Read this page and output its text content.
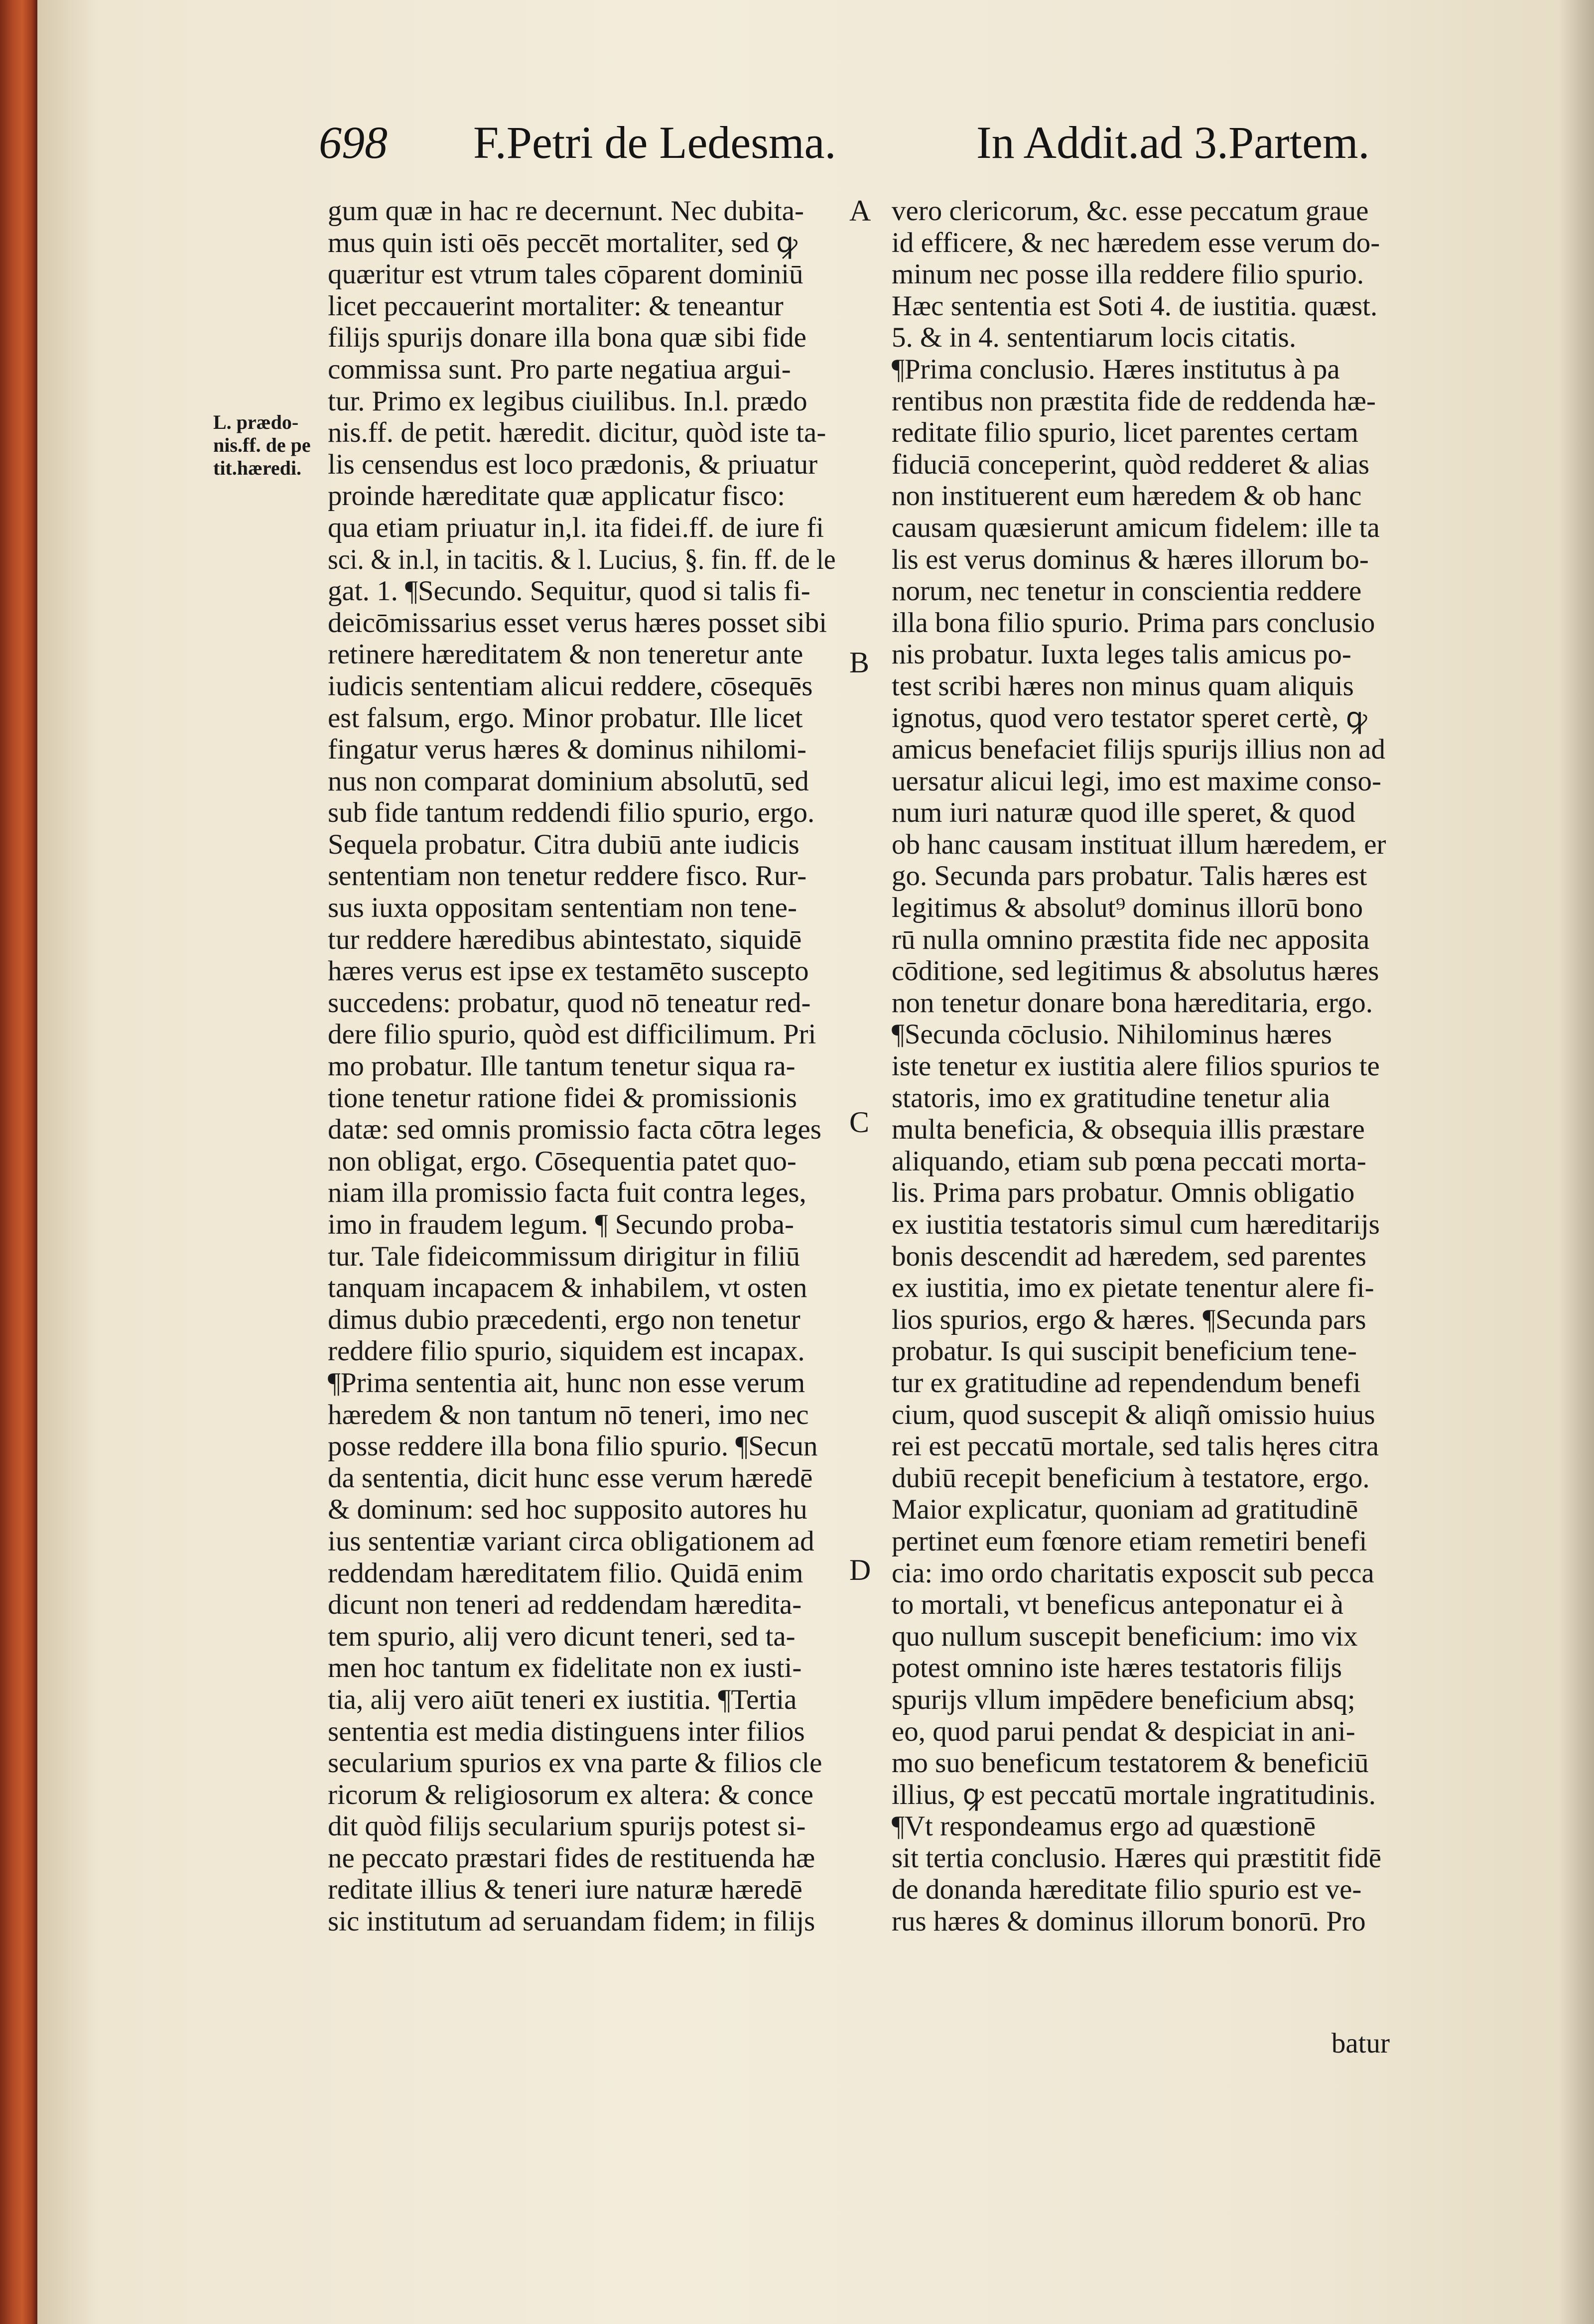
698 F.Petri de Ledesma.	In Addit.ad 3.Partem.
L. prædo-
nis.ff. de pe
tit.hæredi.
A
B
C
D
gum quæ in hac re decernunt. Nec dubita-
mus quin isti oēs peccēt mortaliter, sed ꝙ
quæritur est vtrum tales cōparent dominiū
licet peccauerint mortaliter: & teneantur
filijs spurijs donare illa bona quæ sibi fide
commissa sunt. Pro parte negatiua argui-
tur. Primo ex legibus ciuilibus. In.l. prædo
nis.ff. de petit. hæredit. dicitur, quòd iste ta-
lis censendus est loco prædonis, & priuatur
proinde hæreditate quæ applicatur fisco:
qua etiam priuatur in,l. ita fidei.ff. de iure fi
sci. & in.l, in tacitis. & l. Lucius, §. fin. ff. de le
gat. 1. ¶Secundo. Sequitur, quod si talis fi-
deicōmissarius esset verus hæres posset sibi
retinere hæreditatem & non teneretur ante
iudicis sententiam alicui reddere, cōsequēs
est falsum, ergo. Minor probatur. Ille licet
fingatur verus hæres & dominus nihilomi-
nus non comparat dominium absolutū, sed
sub fide tantum reddendi filio spurio, ergo.
Sequela probatur. Citra dubiū ante iudicis
sententiam non tenetur reddere fisco. Rur-
sus iuxta oppositam sententiam non tene-
tur reddere hæredibus abintestato, siquidē
hæres verus est ipse ex testamēto suscepto
succedens: probatur, quod nō teneatur red-
dere filio spurio, quòd est difficilimum. Pri
mo probatur. Ille tantum tenetur siqua ra-
tione tenetur ratione fidei & promissionis
datæ: sed omnis promissio facta cōtra leges
non obligat, ergo. Cōsequentia patet quo-
niam illa promissio facta fuit contra leges,
imo in fraudem legum. ¶ Secundo proba-
tur. Tale fideicommissum dirigitur in filiū
tanquam incapacem & inhabilem, vt osten
dimus dubio præcedenti, ergo non tenetur
reddere filio spurio, siquidem est incapax.
¶Prima sententia ait, hunc non esse verum
hæredem & non tantum nō teneri, imo nec
posse reddere illa bona filio spurio. ¶Secun
da sententia, dicit hunc esse verum hæredē
& dominum: sed hoc supposito autores hu
ius sententiæ variant circa obligationem ad
reddendam hæreditatem filio. Quidā enim
dicunt non teneri ad reddendam hæredita-
tem spurio, alij vero dicunt teneri, sed ta-
men hoc tantum ex fidelitate non ex iusti-
tia, alij vero aiūt teneri ex iustitia. ¶Tertia
sententia est media distinguens inter filios
secularium spurios ex vna parte & filios cle
ricorum & religiosorum ex altera: & conce
dit quòd filijs secularium spurijs potest si-
ne peccato præstari fides de restituenda hæ
reditate illius & teneri iure naturæ hæredē
sic institutum ad seruandam fidem; in filijs
vero clericorum, &c. esse peccatum graue
id efficere, & nec hæredem esse verum do-
minum nec posse illa reddere filio spurio.
Hæc sententia est Soti 4. de iustitia. quæst.
5. & in 4. sententiarum locis citatis.
¶Prima conclusio. Hæres institutus à pa
rentibus non præstita fide de reddenda hæ-
reditate filio spurio, licet parentes certam
fiduciā conceperint, quòd redderet & alias
non instituerent eum hæredem & ob hanc
causam quæsierunt amicum fidelem: ille ta
lis est verus dominus & hæres illorum bo-
norum, nec tenetur in conscientia reddere
illa bona filio spurio. Prima pars conclusio
nis probatur. Iuxta leges talis amicus po-
test scribi hæres non minus quam aliquis
ignotus, quod vero testator speret certè, ꝙ
amicus benefaciet filijs spurijs illius non ad
uersatur alicui legi, imo est maxime conso-
num iuri naturæ quod ille speret, & quod
ob hanc causam instituat illum hæredem, er
go. Secunda pars probatur. Talis hæres est
legitimus & absolut⁹ dominus illorū bono
rū nulla omnino præstita fide nec apposita
cōditione, sed legitimus & absolutus hæres
non tenetur donare bona hæreditaria, ergo.
¶Secunda cōclusio. Nihilominus hæres
iste tenetur ex iustitia alere filios spurios te
statoris, imo ex gratitudine tenetur alia
multa beneficia, & obsequia illis præstare
aliquando, etiam sub pœna peccati morta-
lis. Prima pars probatur. Omnis obligatio
ex iustitia testatoris simul cum hæreditarijs
bonis descendit ad hæredem, sed parentes
ex iustitia, imo ex pietate tenentur alere fi-
lios spurios, ergo & hæres. ¶Secunda pars
probatur. Is qui suscipit beneficium tene-
tur ex gratitudine ad rependendum benefi
cium, quod suscepit & aliqñ omissio huius
rei est peccatū mortale, sed talis hęres citra
dubiū recepit beneficium à testatore, ergo.
Maior explicatur, quoniam ad gratitudinē
pertinet eum fœnore etiam remetiri benefi
cia: imo ordo charitatis exposcit sub pecca
to mortali, vt beneficus anteponatur ei à
quo nullum suscepit beneficium: imo vix
potest omnino iste hæres testatoris filijs
spurijs vllum impēdere beneficium absq;
eo, quod parui pendat & despiciat in ani-
mo suo beneficum testatorem & beneficiū
illius, ꝙ est peccatū mortale ingratitudinis.
¶Vt respondeamus ergo ad quæstionē
sit tertia conclusio. Hæres qui præstitit fidē
de donanda hæreditate filio spurio est ve-
rus hæres & dominus illorum bonorū. Pro
batur
